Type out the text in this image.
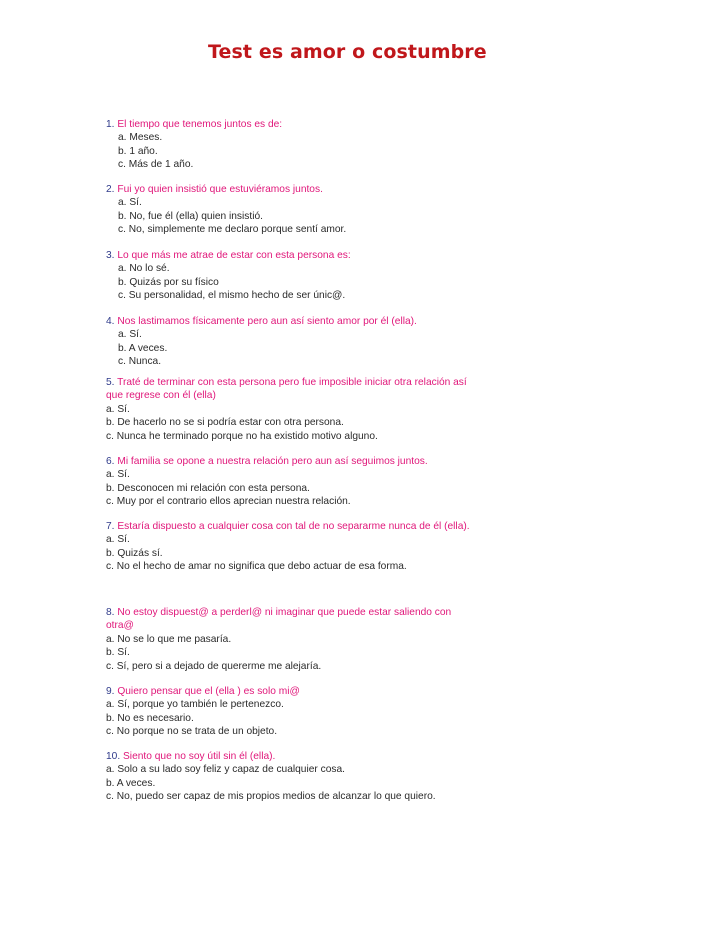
Test es amor o costumbre
1. El tiempo que tenemos juntos es de:
a. Meses.
b. 1 año.
c. Más de 1 año.
2. Fui yo quien insistió que estuviéramos juntos.
a. Sí.
b. No, fue él (ella) quien insistió.
c. No, simplemente me declaro porque sentí amor.
3. Lo que más me atrae de estar con esta persona es:
a. No lo sé.
b. Quizás por su físico
c. Su personalidad, el mismo hecho de ser únic@.
4. Nos lastimamos físicamente pero aun así siento amor por él (ella).
a. Sí.
b. A veces.
c. Nunca.
5. Traté de terminar con esta persona pero fue imposible iniciar otra relación así que regrese con él (ella)
a. Sí.
b. De hacerlo no se si podría estar con otra persona.
c. Nunca he terminado porque no ha existido motivo alguno.
6. Mi familia se opone a nuestra relación pero aun así seguimos juntos.
a. Sí.
b. Desconocen mi relación con esta persona.
c. Muy por el contrario ellos aprecian nuestra relación.
7. Estaría dispuesto a cualquier cosa con tal de no separarme nunca de él (ella).
a. Sí.
b. Quizás sí.
c. No el hecho de amar no significa que debo actuar de esa forma.
8. No estoy dispuest@ a perderl@ ni imaginar que puede estar saliendo con otra@
a. No se lo que me pasaría.
b. Sí.
c. Sí, pero si a dejado de quererme me alejaría.
9. Quiero pensar que el (ella ) es solo mi@
a. Sí, porque yo también le pertenezco.
b. No es necesario.
c. No porque no se trata de un objeto.
10. Siento que no soy útil sin él (ella).
a. Solo a su lado soy feliz y capaz de cualquier cosa.
b. A veces.
c. No, puedo ser capaz de mis propios medios de alcanzar lo que quiero.
